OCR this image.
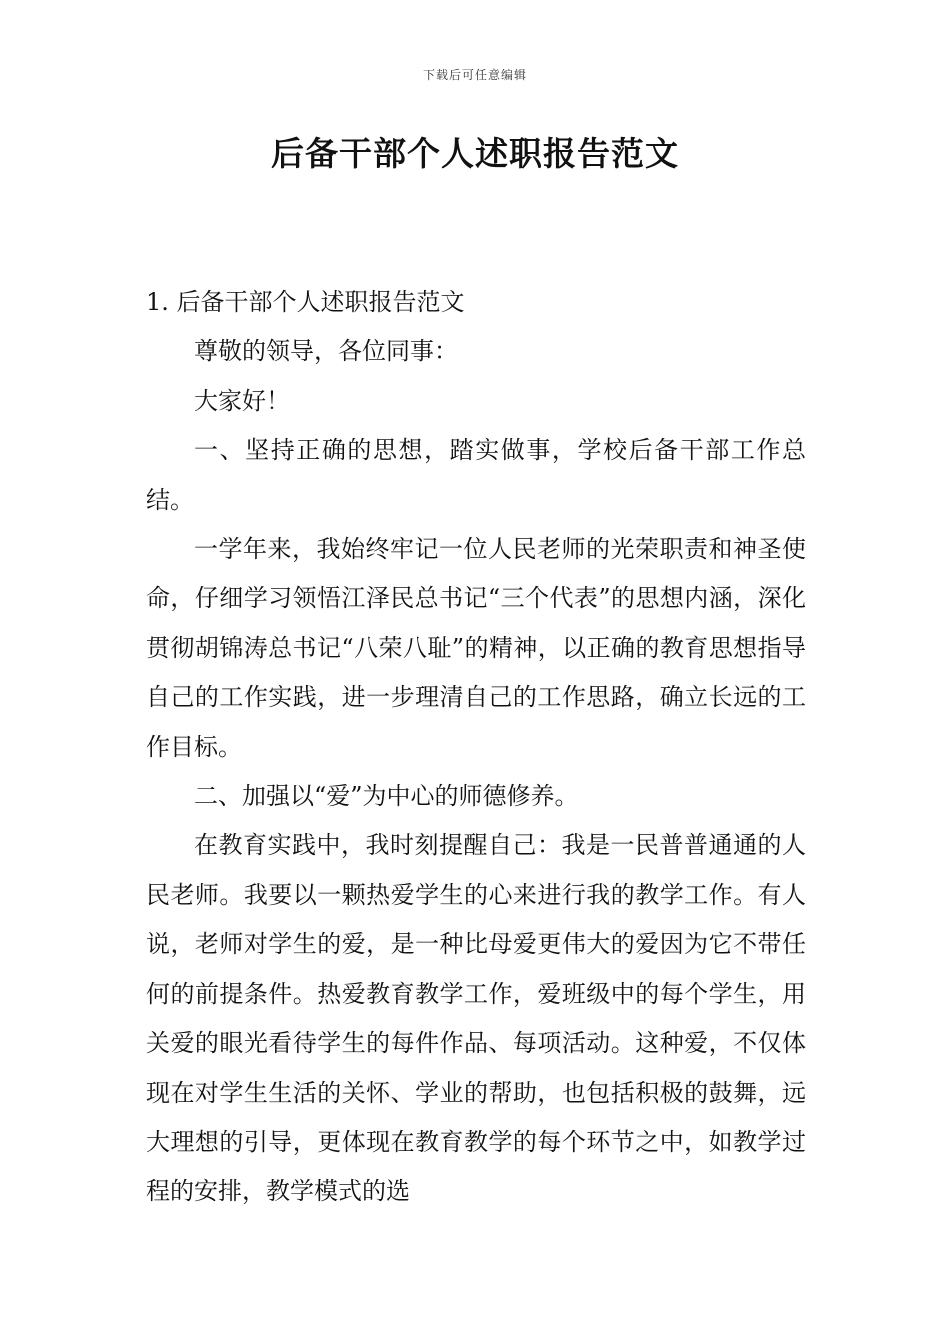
下载后可任意编辑
后备干部个人述职报告范文

1. 后备干部个人述职报告范文

尊敬的领导，各位同事：

大家好！

一、坚持正确的思想，踏实做事，学校后备干部工作总结。

一学年来，我始终牢记一位人民老师的光荣职责和神圣使命，仔细学习领悟江泽民总书记“三个代表”的思想内涵，深化贯彻胡锦涛总书记“八荣八耻”的精神，以正确的教育思想指导自己的工作实践，进一步理清自己的工作思路，确立长远的工作目标。

二、加强以“爱”为中心的师德修养。

在教育实践中，我时刻提醒自己：我是一民普普通通的人民老师。我要以一颗热爱学生的心来进行我的教学工作。有人说，老师对学生的爱，是一种比母爱更伟大的爱因为它不带任何的前提条件。热爱教育教学工作，爱班级中的每个学生，用关爱的眼光看待学生的每件作品、每项活动。这种爱，不仅体现在对学生生活的关怀、学业的帮助，也包括积极的鼓舞，远大理想的引导，更体现在教育教学的每个环节之中，如教学过程的安排，教学模式的选
